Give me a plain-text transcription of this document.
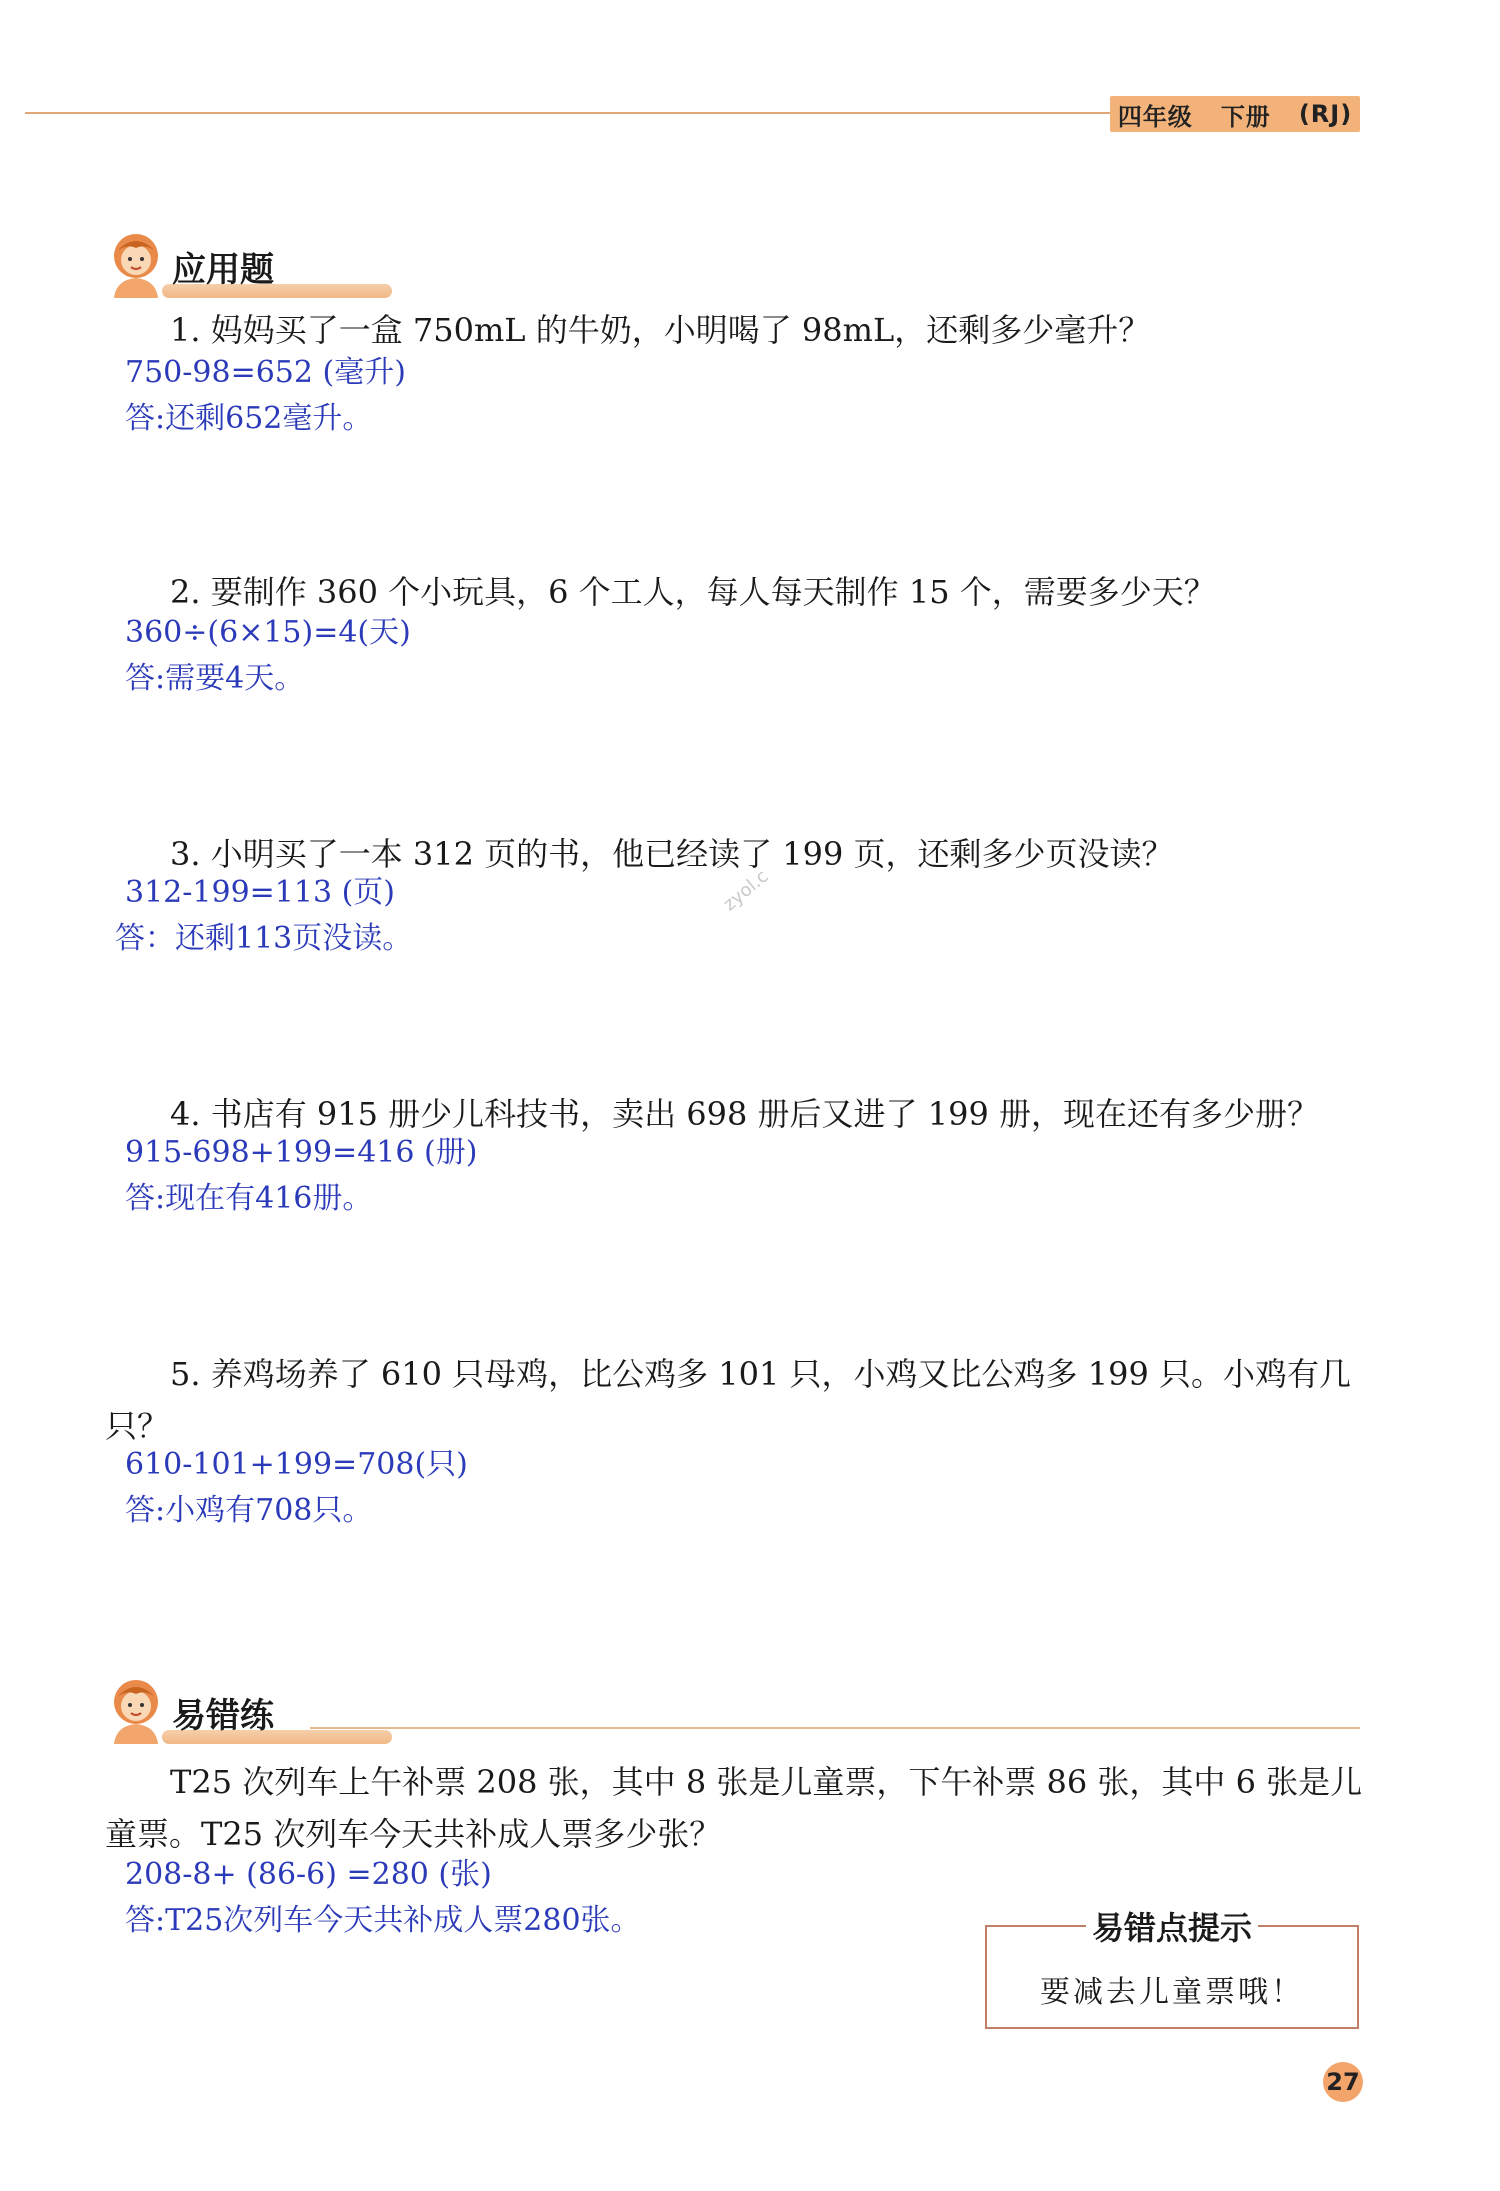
四年级 下册 (RJ)
应用题
1. 妈妈买了一盒 750mL 的牛奶，小明喝了 98mL，还剩多少毫升？
750-98=652 (毫升)
答:还剩652毫升。
2. 要制作 360 个小玩具，6 个工人，每人每天制作 15 个，需要多少天？
360÷(6×15)=4(天)
答:需要4天。
3. 小明买了一本 312 页的书，他已经读了 199 页，还剩多少页没读？
312-199=113 (页)
答：还剩113页没读。
zyol.c
4. 书店有 915 册少儿科技书，卖出 698 册后又进了 199 册，现在还有多少册？
915-698+199=416 (册)
答:现在有416册。
5. 养鸡场养了 610 只母鸡，比公鸡多 101 只，小鸡又比公鸡多 199 只。小鸡有几只？
610-101+199=708(只)
答:小鸡有708只。
易错练
T25 次列车上午补票 208 张，其中 8 张是儿童票，下午补票 86 张，其中 6 张是儿童票。T25 次列车今天共补成人票多少张？
208-8+ (86-6) =280 (张)
答:T25次列车今天共补成人票280张。	易错点提示
要减去儿童票哦！
27
